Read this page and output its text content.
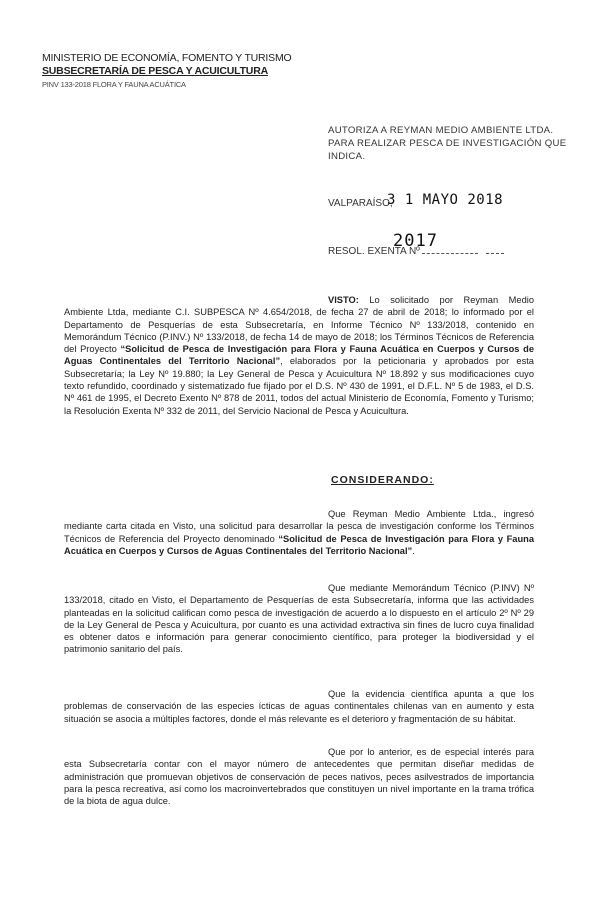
MINISTERIO DE ECONOMÍA, FOMENTO Y TURISMO
SUBSECRETARÍA DE PESCA Y ACUICULTURA
PINV 133-2018 FLORA Y FAUNA ACUÁTICA
AUTORIZA A REYMAN MEDIO AMBIENTE LTDA. PARA REALIZAR PESCA DE INVESTIGACIÓN QUE INDICA.
VALPARAÍSO,
3 1 MAYO 2018
RESOL. EXENTA Nº
2017
VISTO: Lo solicitado por Reyman Medio Ambiente Ltda, mediante C.I. SUBPESCA Nº 4.654/2018, de fecha 27 de abril de 2018; lo informado por el Departamento de Pesquerías de esta Subsecretaría, en Informe Técnico Nº 133/2018, contenido en Memorándum Técnico (P.INV.) Nº 133/2018, de fecha 14 de mayo de 2018; los Términos Técnicos de Referencia del Proyecto “Solicitud de Pesca de Investigación para Flora y Fauna Acuática en Cuerpos y Cursos de Aguas Continentales del Territorio Nacional”, elaborados por la peticionaria y aprobados por esta Subsecretaría; la Ley Nº 19.880; la Ley General de Pesca y Acuicultura Nº 18.892 y sus modificaciones cuyo texto refundido, coordinado y sistematizado fue fijado por el D.S. Nº 430 de 1991, el D.F.L. Nº 5 de 1983, el D.S. Nº 461 de 1995, el Decreto Exento Nº 878 de 2011, todos del actual Ministerio de Economía, Fomento y Turismo; la Resolución Exenta Nº 332 de 2011, del Servicio Nacional de Pesca y Acuicultura.
CONSIDERANDO:
Que Reyman Medio Ambiente Ltda., ingresó mediante carta citada en Visto, una solicitud para desarrollar la pesca de investigación conforme los Términos Técnicos de Referencia del Proyecto denominado “Solicitud de Pesca de Investigación para Flora y Fauna Acuática en Cuerpos y Cursos de Aguas Continentales del Territorio Nacional”.
Que mediante Memorándum Técnico (P.INV) Nº 133/2018, citado en Visto, el Departamento de Pesquerías de esta Subsecretaría, informa que las actividades planteadas en la solicitud califican como pesca de investigación de acuerdo a lo dispuesto en el artículo 2º Nº 29 de la Ley General de Pesca y Acuicultura, por cuanto es una actividad extractiva sin fines de lucro cuya finalidad es obtener datos e información para generar conocimiento científico, para proteger la biodiversidad y el patrimonio sanitario del país.
Que la evidencia científica apunta a que los problemas de conservación de las especies ícticas de aguas continentales chilenas van en aumento y esta situación se asocia a múltiples factores, donde el más relevante es el deterioro y fragmentación de su hábitat.
Que por lo anterior, es de especial interés para esta Subsecretaría contar con el mayor número de antecedentes que permitan diseñar medidas de administración que promuevan objetivos de conservación de peces nativos, peces asilvestrados de importancia para la pesca recreativa, así como los macroinvertebrados que constituyen un nivel importante en la trama trófica de la biota de agua dulce.
